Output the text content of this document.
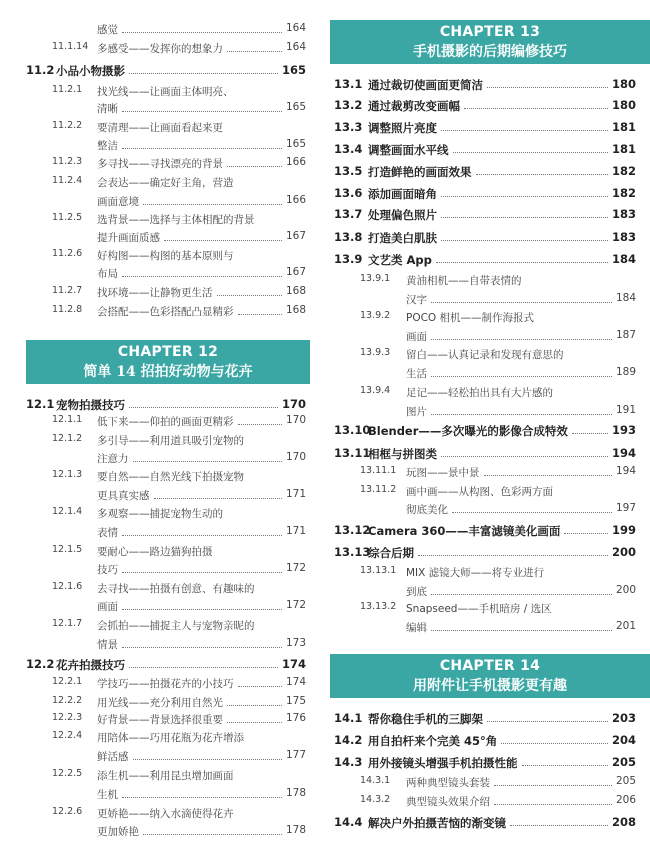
感觉	164
11.1.14 多感受——发挥你的想象力	164
11.2 小品小物摄影	165
11.2.1 找光线——让画面主体明亮、
清晰	165
11.2.2 要清理——让画面看起来更
整洁	165
11.2.3 多寻找——寻找漂亮的背景	166
11.2.4 会表达——确定好主角，营造
画面意境	166
11.2.5 选背景——选择与主体相配的背景
提升画面质感	167
11.2.6 好构图——构图的基本原则与
布局	167
11.2.7 找环境——让静物更生活	168
11.2.8 会搭配——色彩搭配凸显精彩	168
CHAPTER 12
简单 14 招拍好动物与花卉
12.1 宠物拍摄技巧	170
12.1.1 低下来——仰拍的画面更精彩	170
12.1.2 多引导——利用道具吸引宠物的
注意力	170
12.1.3 要自然——自然光线下拍摄宠物
更具真实感	171
12.1.4 多观察——捕捉宠物生动的
表情	171
12.1.5 要耐心——路边猫狗拍摄
技巧	172
12.1.6 去寻找——拍摄有创意、有趣味的
画面	172
12.1.7 会抓拍——捕捉主人与宠物亲昵的
情景	173
12.2 花卉拍摄技巧	174
12.2.1 学技巧——拍摄花卉的小技巧	174
12.2.2 用光线——充分利用自然光	175
12.2.3 好背景——背景选择很重要	176
12.2.4 用陪体——巧用花瓶为花卉增添
鲜活感	177
12.2.5 添生机——利用昆虫增加画面
生机	178
12.2.6 更娇艳——纳入水滴使得花卉
更加娇艳	178
CHAPTER 13
手机摄影的后期编修技巧
13.1 通过裁切使画面更简洁	180
13.2 通过裁剪改变画幅	180
13.3 调整照片亮度	181
13.4 调整画面水平线	181
13.5 打造鲜艳的画面效果	182
13.6 添加画面暗角	182
13.7 处理偏色照片	183
13.8 打造美白肌肤	183
13.9 文艺类 App	184
13.9.1 黄油相机——自带表情的
汉字	184
13.9.2 POCO 相机——制作海报式
画面	187
13.9.3 留白——认真记录和发现有意思的
生活	189
13.9.4 足记——轻松拍出具有大片感的
图片	191
13.10
Blender——多次曝光的影像合成特效	193
13.11
相框与拼图类	194
13.11.1 玩图——景中景	194
13.11.2 画中画——从构图、色彩两方面
彻底美化	197
13.12
Camera 360——丰富滤镜美化画面	199
13.13
综合后期	200
13.13.1 MIX 滤镜大师——将专业进行
到底	200
13.13.2 Snapseed——手机暗房 / 选区
编辑	201
CHAPTER 14
用附件让手机摄影更有趣
14.1 帮你稳住手机的三脚架	203
14.2 用自拍杆来个完美 45°角	204
14.3 用外接镜头增强手机拍摄性能	205
14.3.1 两种典型镜头套装	205
14.3.2 典型镜头效果介绍	206
14.4 解决户外拍摄苦恼的渐变镜	208
